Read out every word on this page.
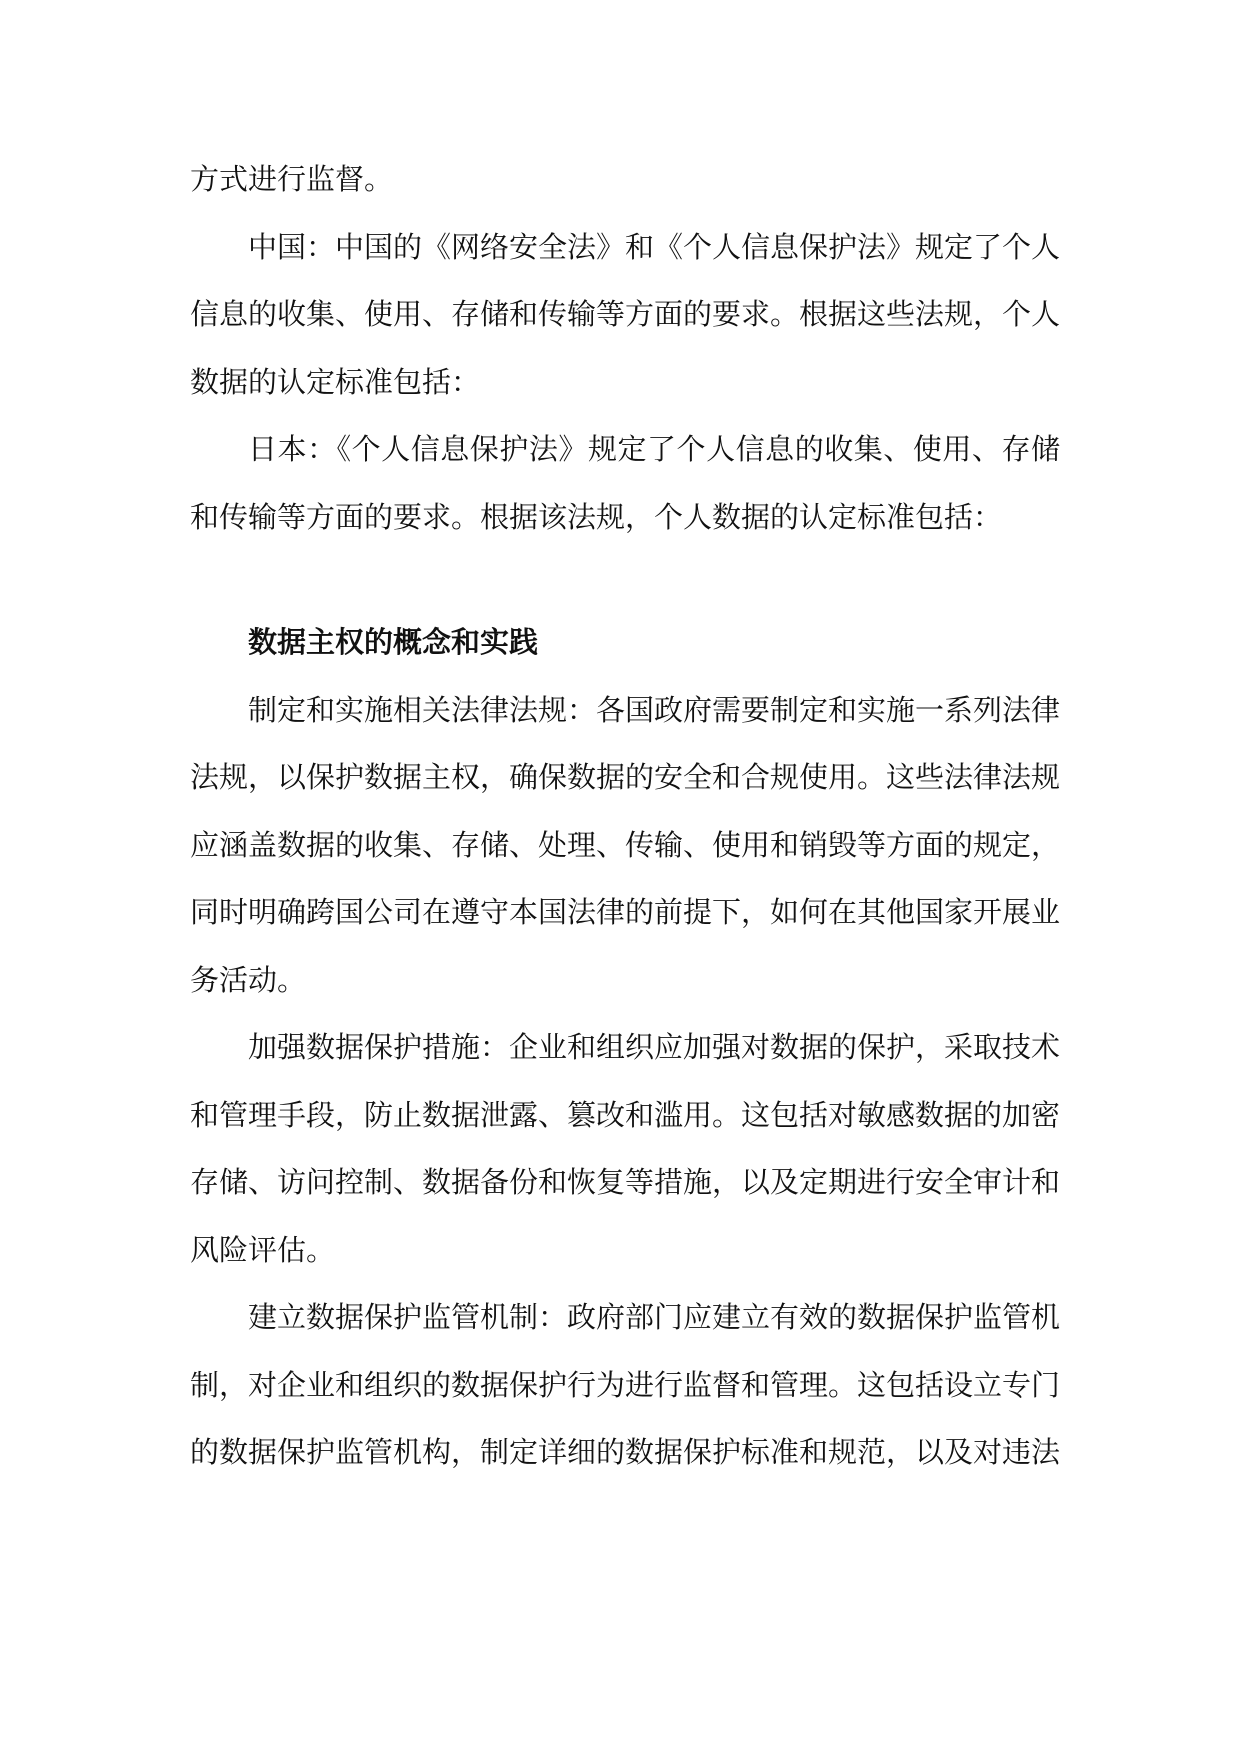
方式进行监督。

中国：中国的《网络安全法》和《个人信息保护法》规定了个人信息的收集、使用、存储和传输等方面的要求。根据这些法规，个人数据的认定标准包括：

日本：《个人信息保护法》规定了个人信息的收集、使用、存储和传输等方面的要求。根据该法规，个人数据的认定标准包括：

数据主权的概念和实践

制定和实施相关法律法规：各国政府需要制定和实施一系列法律法规，以保护数据主权，确保数据的安全和合规使用。这些法律法规应涵盖数据的收集、存储、处理、传输、使用和销毁等方面的规定，同时明确跨国公司在遵守本国法律的前提下，如何在其他国家开展业务活动。

加强数据保护措施：企业和组织应加强对数据的保护，采取技术和管理手段，防止数据泄露、篡改和滥用。这包括对敏感数据的加密存储、访问控制、数据备份和恢复等措施，以及定期进行安全审计和风险评估。

建立数据保护监管机制：政府部门应建立有效的数据保护监管机制，对企业和组织的数据保护行为进行监督和管理。这包括设立专门的数据保护监管机构，制定详细的数据保护标准和规范，以及对违法
